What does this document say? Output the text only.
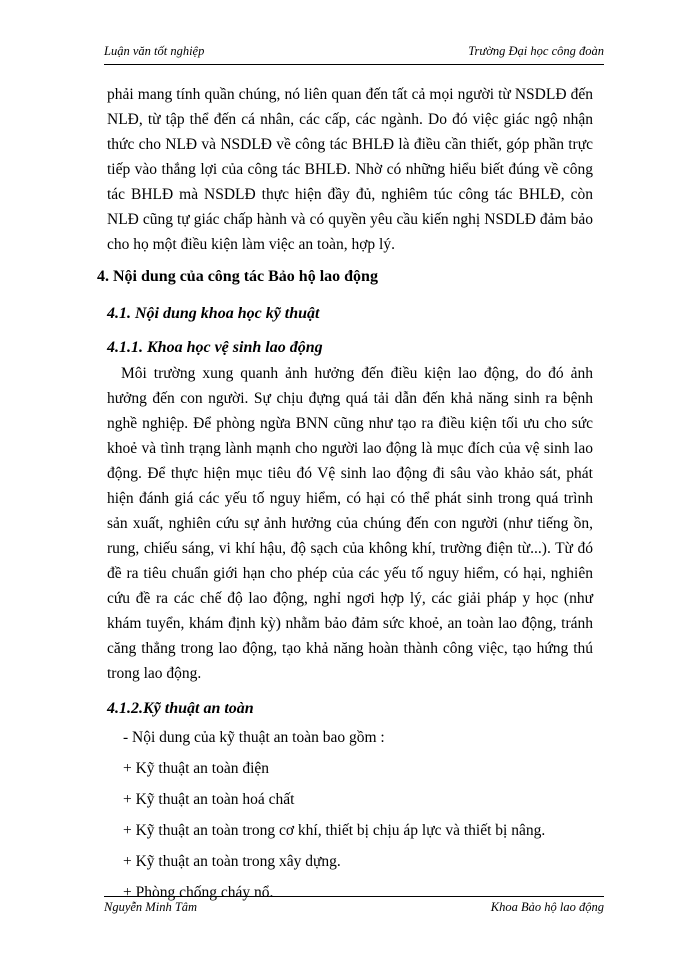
Luận văn tốt nghiệp	Trường Đại học công đoàn

phải mang tính quần chúng, nó liên quan đến tất cả mọi người từ NSDLĐ đến NLĐ, từ tập thể đến cá nhân, các cấp, các ngành. Do đó việc giác ngộ nhận thức cho NLĐ và NSDLĐ về công tác BHLĐ là điều cần thiết, góp phần trực tiếp vào thắng lợi của công tác BHLĐ. Nhờ có những hiểu biết đúng về công tác BHLĐ mà NSDLĐ thực hiện đầy đủ, nghiêm túc công tác BHLĐ, còn NLĐ cũng tự giác chấp hành và có quyền yêu cầu kiến nghị NSDLĐ đảm bảo cho họ một điều kiện làm việc an toàn, hợp lý.

4. Nội dung của công tác Bảo hộ lao động
4.1. Nội dung khoa học kỹ thuật
4.1.1. Khoa học vệ sinh lao động

Môi trường xung quanh ảnh hưởng đến điều kiện lao động, do đó ảnh hưởng đến con người. Sự chịu đựng quá tải dẫn đến khả năng sinh ra bệnh nghề nghiệp. Để phòng ngừa BNN cũng như tạo ra điều kiện tối ưu cho sức khoẻ và tình trạng lành mạnh cho người lao động là mục đích của vệ sinh lao động. Để thực hiện mục tiêu đó Vệ sinh lao động đi sâu vào khảo sát, phát hiện đánh giá các yếu tố nguy hiểm, có hại có thể phát sinh trong quá trình sản xuất, nghiên cứu sự ảnh hưởng của chúng đến con người (như tiếng ồn, rung, chiếu sáng, vi khí hậu, độ sạch của không khí, trường điện từ...). Từ đó đề ra tiêu chuẩn giới hạn cho phép của các yếu tố nguy hiểm, có hại, nghiên cứu đề ra các chế độ lao động, nghỉ ngơi hợp lý, các giải pháp y học (như khám tuyển, khám định kỳ) nhằm bảo đảm sức khoẻ, an toàn lao động, tránh căng thẳng trong lao động, tạo khả năng hoàn thành công việc, tạo hứng thú trong lao động.

4.1.2.Kỹ thuật an toàn
- Nội dung của kỹ thuật an toàn bao gồm :
+ Kỹ thuật an toàn điện
+ Kỹ thuật an toàn hoá chất
+ Kỹ thuật an toàn trong cơ khí, thiết bị chịu áp lực và thiết bị nâng.
+ Kỹ thuật an toàn trong xây dựng.
+ Phòng chống cháy nổ.
Nguyễn Minh Tâm	Khoa Bảo hộ lao động
